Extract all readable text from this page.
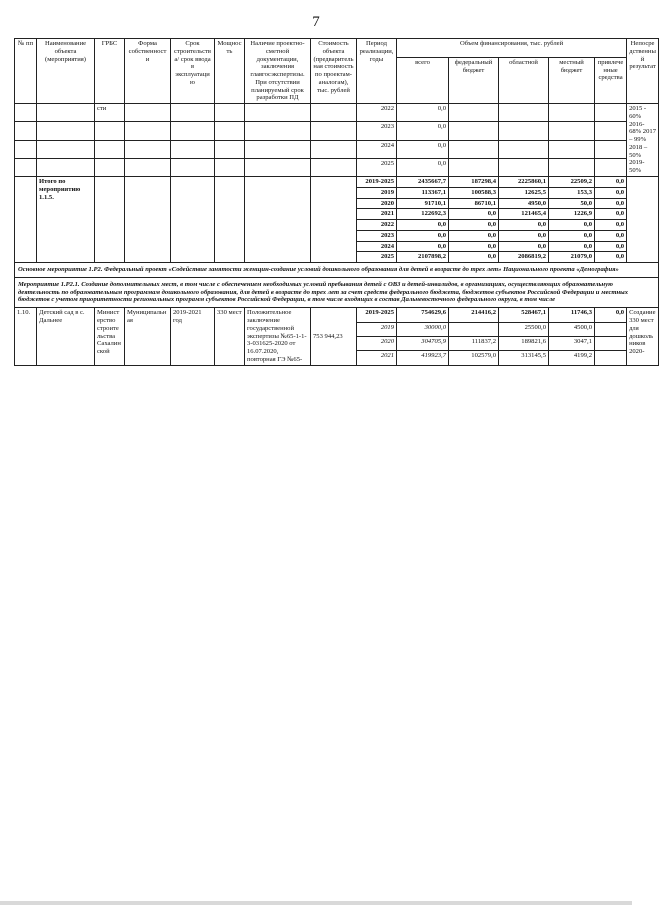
7
№ пп	Наименование объекта (мероприятия)	ГРБС	Форма собственности	Срок строительства/ срок ввода в эксплуатацию	Мощность	Наличие проектно-сметной документации, заключения главгосэкспертизы. При отсутствии планируемый срок разработки ПД	Стоимость объекта (предварительная стоимость по проектам-аналогам), тыс. рублей	Период реализации, годы	Объем финансирования, тыс. рублей					Непосредственный результат
									всего	федеральный бюджет	областной	местный бюджет	привлеченные средства	
		сти						2022	0,0					2015 - 60% 2016- 68% 2017 – 99% 2018 – 50% 2019- 50%
								2023	0,0					
								2024	0,0					
								2025	0,0					
	Итого по мероприятию 1.1.5.							2019-2025	2435667,7	187298,4	2225860,1	22509,2	0,0	
								2019	113367,1	100588,3	12625,5	153,3	0,0	
								2020	91710,1	86710,1	4950,0	50,0	0,0	
								2021	122692,3	0,0	121465,4	1226,9	0,0	
								2022	0,0	0,0	0,0	0,0	0,0	
								2023	0,0	0,0	0,0	0,0	0,0	
								2024	0,0	0,0	0,0	0,0	0,0	
								2025	2107898,2	0,0	2086819,2	21079,0	0,0	
Основное мероприятие 1.Р2. Федеральный проект «Содействие занятости женщин-создание условий дошкольного образования для детей в возрасте до трех лет» Национального проекта «Демография»														
Мероприятие 1.Р2.1. Создание дополнительных мест, в том числе с обеспечением необходимых условий пребывания детей с ОВЗ и детей-инвалидов, в организациях, осуществляющих образовательную деятельность по образовательным программам дошкольного образования, для детей в возрасте до трех лет за счет средств федерального бюджета, бюджетов субъектов Российской Федерации и местных бюджетов с учетом приоритетности региональных программ субъектов Российской Федерации, в том числе входящих в состав Дальневосточного федерального округа, в том числе														
1.10.	Детский сад в с. Дальнее	Министерство строительства Сахалинской	Муниципальная	2019-2021 год	330 мест	Положительное заключение государственной экспертизы №65-1-1-3-031625-2020 от 16.07.2020, повторная ГЭ №65-	753 944,23	2019-2025	754629,6	214416,2	528467,1	11746,3	0,0	Создание 330 мест для дошкольников 2020-
								2019	30000,0		25500,0	4500,0		
								2020	304705,9	111837,2	189821,6	3047,1		
								2021	419923,7	102579,0	313145,5	4199,2		
